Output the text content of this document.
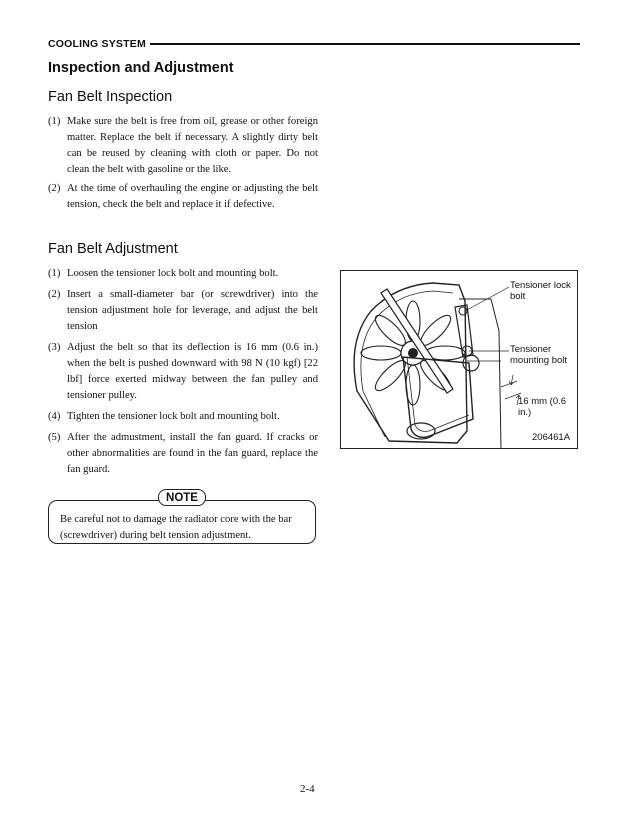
COOLING SYSTEM
Inspection and Adjustment
Fan Belt Inspection
(1) Make sure the belt is free from oil, grease or other foreign matter. Replace the belt if necessary. A slightly dirty belt can be reused by cleaning with cloth or paper. Do not clean the belt with gasoline or the like.
(2) At the time of overhauling the engine or adjusting the belt tension, check the belt and replace it if defective.
Fan Belt Adjustment
(1) Loosen the tensioner lock bolt and mounting bolt.
(2) Insert a small-diameter bar (or screwdriver) into the tension adjustment hole for leverage, and adjust the belt tension
(3) Adjust the belt so that its deflection is 16 mm (0.6 in.) when the belt is pushed downward with 98 N (10 kgf) [22 lbf] force exerted midway between the fan pulley and tensioner pulley.
(4) Tighten the tensioner lock bolt and mounting bolt.
(5) After the admustment, install the fan guard. If cracks or other abnormalities are found in the fan guard, replace the fan guard.
Tensioner lock bolt
Tensioner mounting bolt
16 mm (0.6 in.)
206461A
NOTE
Be careful not to damage the radiator core with the bar (screwdriver) during belt tension adjustment.
2-4
